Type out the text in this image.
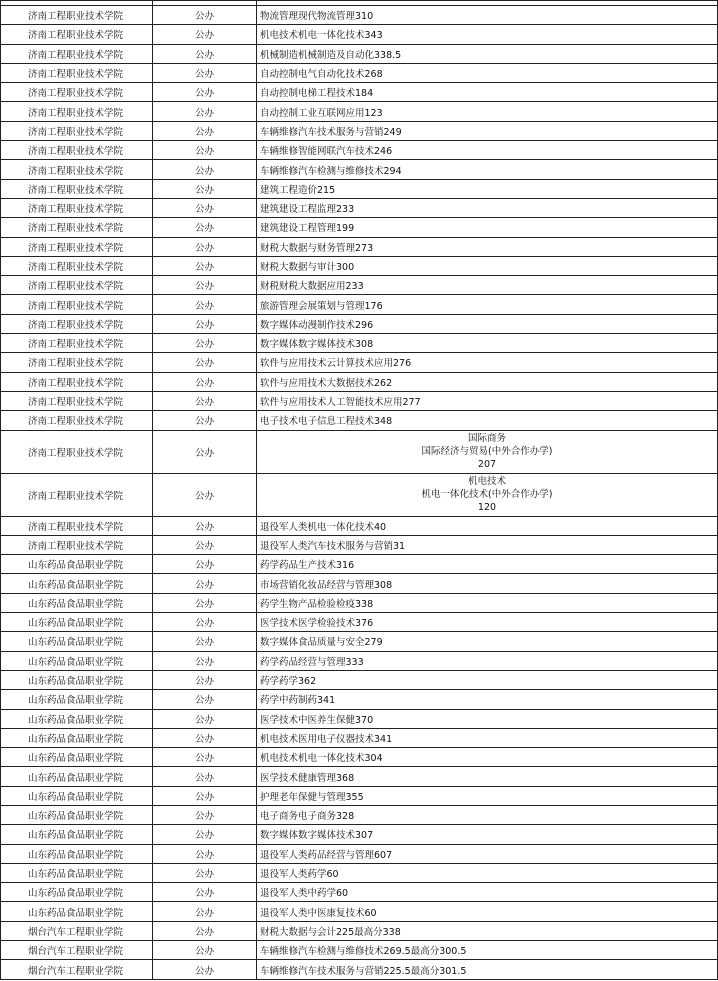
济南工程职业技术学院	公办	物流管理现代物流管理310
济南工程职业技术学院	公办	机电技术机电一体化技术343
济南工程职业技术学院	公办	机械制造机械制造及自动化338.5
济南工程职业技术学院	公办	自动控制电气自动化技术268
济南工程职业技术学院	公办	自动控制电梯工程技术184
济南工程职业技术学院	公办	自动控制工业互联网应用123
济南工程职业技术学院	公办	车辆维修汽车技术服务与营销249
济南工程职业技术学院	公办	车辆维修智能网联汽车技术246
济南工程职业技术学院	公办	车辆维修汽车检测与维修技术294
济南工程职业技术学院	公办	建筑工程造价215
济南工程职业技术学院	公办	建筑建设工程监理233
济南工程职业技术学院	公办	建筑建设工程管理199
济南工程职业技术学院	公办	财税大数据与财务管理273
济南工程职业技术学院	公办	财税大数据与审计300
济南工程职业技术学院	公办	财税财税大数据应用233
济南工程职业技术学院	公办	旅游管理会展策划与管理176
济南工程职业技术学院	公办	数字媒体动漫制作技术296
济南工程职业技术学院	公办	数字媒体数字媒体技术308
济南工程职业技术学院	公办	软件与应用技术云计算技术应用276
济南工程职业技术学院	公办	软件与应用技术大数据技术262
济南工程职业技术学院	公办	软件与应用技术人工智能技术应用277
济南工程职业技术学院	公办	电子技术电子信息工程技术348
济南工程职业技术学院	公办
国际商务
国际经济与贸易(中外合作办学)
207
济南工程职业技术学院	公办
机电技术
机电一体化技术(中外合作办学)
120
济南工程职业技术学院	公办	退役军人类机电一体化技术40
济南工程职业技术学院	公办	退役军人类汽车技术服务与营销31
山东药品食品职业学院	公办	药学药品生产技术316
山东药品食品职业学院	公办	市场营销化妆品经营与管理308
山东药品食品职业学院	公办	药学生物产品检验检疫338
山东药品食品职业学院	公办	医学技术医学检验技术376
山东药品食品职业学院	公办	数字媒体食品质量与安全279
山东药品食品职业学院	公办	药学药品经营与管理333
山东药品食品职业学院	公办	药学药学362
山东药品食品职业学院	公办	药学中药制药341
山东药品食品职业学院	公办	医学技术中医养生保健370
山东药品食品职业学院	公办	机电技术医用电子仪器技术341
山东药品食品职业学院	公办	机电技术机电一体化技术304
山东药品食品职业学院	公办	医学技术健康管理368
山东药品食品职业学院	公办	护理老年保健与管理355
山东药品食品职业学院	公办	电子商务电子商务328
山东药品食品职业学院	公办	数字媒体数字媒体技术307
山东药品食品职业学院	公办	退役军人类药品经营与管理607
山东药品食品职业学院	公办	退役军人类药学60
山东药品食品职业学院	公办	退役军人类中药学60
山东药品食品职业学院	公办	退役军人类中医康复技术60
烟台汽车工程职业学院	公办	财税大数据与会计225最高分338
烟台汽车工程职业学院	公办	车辆维修汽车检测与维修技术269.5最高分300.5
烟台汽车工程职业学院	公办	车辆维修汽车技术服务与营销225.5最高分301.5
